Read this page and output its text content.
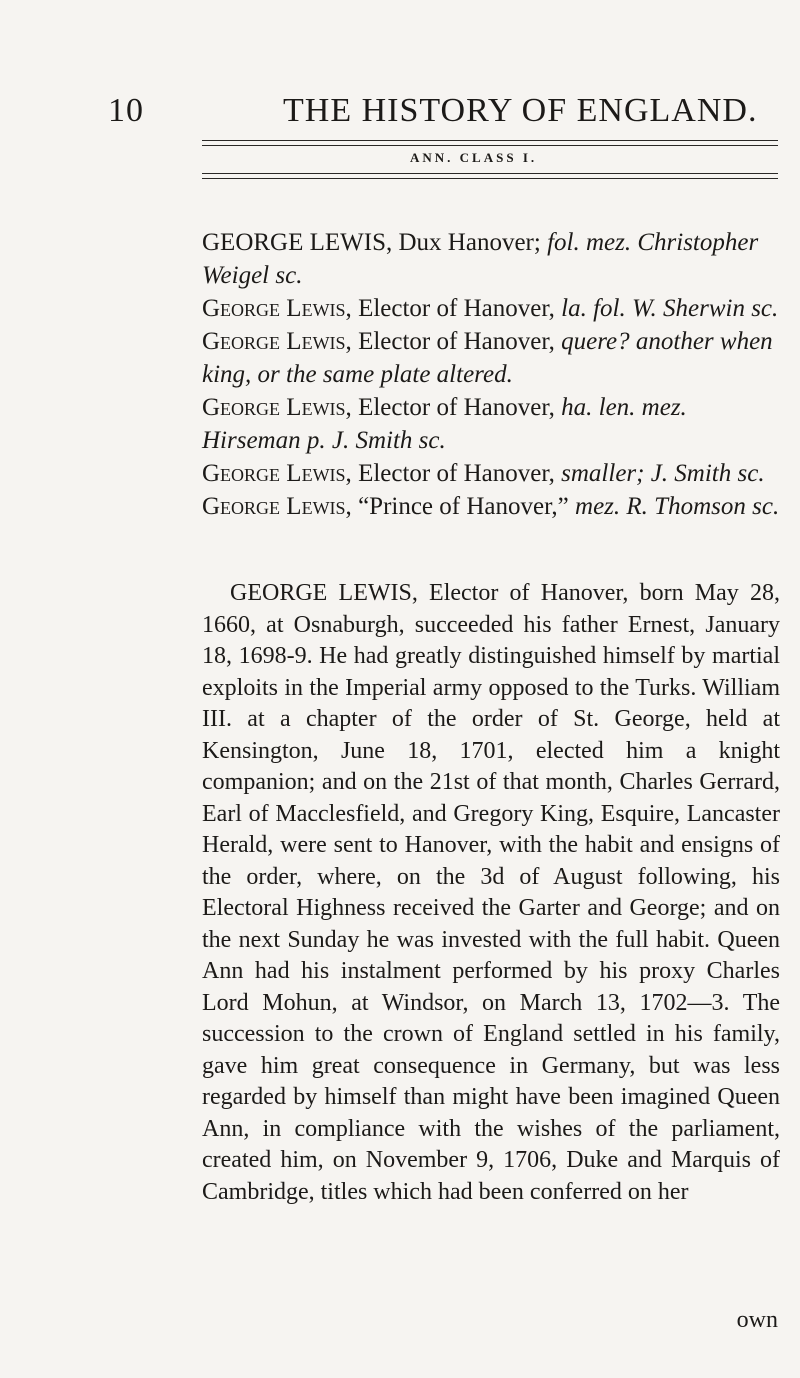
10	THE HISTORY OF ENGLAND.
ANN. CLASS I.

GEORGE LEWIS, Dux Hanover; fol. mez. Christopher Weigel sc.

George Lewis, Elector of Hanover, la. fol. W. Sherwin sc.

George Lewis, Elector of Hanover, quere? another when king, or the same plate altered.

George Lewis, Elector of Hanover, ha. len. mez. Hirseman p. J. Smith sc.

George Lewis, Elector of Hanover, smaller; J. Smith sc.

George Lewis, “Prince of Hanover,” mez. R. Thomson sc.

GEORGE LEWIS, Elector of Hanover, born May 28, 1660, at Osnaburgh, succeeded his father Ernest, January 18, 1698-9. He had greatly distinguished himself by martial exploits in the Imperial army opposed to the Turks. William III. at a chapter of the order of St. George, held at Kensington, June 18, 1701, elected him a knight companion; and on the 21st of that month, Charles Gerrard, Earl of Macclesfield, and Gregory King, Esquire, Lancaster Herald, were sent to Hanover, with the habit and ensigns of the order, where, on the 3d of August following, his Electoral Highness received the Garter and George; and on the next Sunday he was invested with the full habit. Queen Ann had his instalment performed by his proxy Charles Lord Mohun, at Windsor, on March 13, 1702—3. The succession to the crown of England settled in his family, gave him great consequence in Germany, but was less regarded by himself than might have been imagined Queen Ann, in compliance with the wishes of the parliament, created him, on November 9, 1706, Duke and Marquis of Cambridge, titles which had been conferred on her

own
